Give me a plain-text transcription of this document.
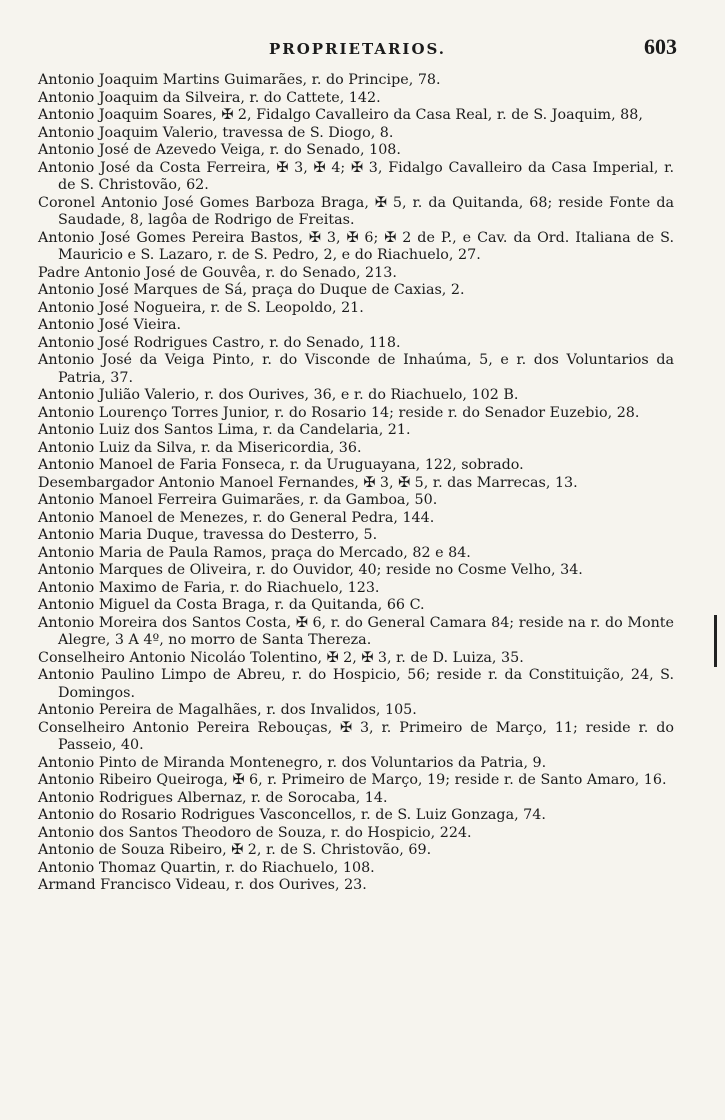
PROPRIETARIOS.	603
Antonio Joaquim Martins Guimarães, r. do Principe, 78.
Antonio Joaquim da Silveira, r. do Cattete, 142.
Antonio Joaquim Soares, ✠ 2, Fidalgo Cavalleiro da Casa Real, r. de S. Joaquim, 88,
Antonio Joaquim Valerio, travessa de S. Diogo, 8.
Antonio José de Azevedo Veiga, r. do Senado, 108.
Antonio José da Costa Ferreira, ✠ 3, ✠ 4; ✠ 3, Fidalgo Cavalleiro da Casa Imperial, r. de S. Christovão, 62.
Coronel Antonio José Gomes Barboza Braga, ✠ 5, r. da Quitanda, 68; reside Fonte da Saudade, 8, lagôa de Rodrigo de Freitas.
Antonio José Gomes Pereira Bastos, ✠ 3, ✠ 6; ✠ 2 de P., e Cav. da Ord. Italiana de S. Mauricio e S. Lazaro, r. de S. Pedro, 2, e do Riachuelo, 27.
Padre Antonio José de Gouvêa, r. do Senado, 213.
Antonio José Marques de Sá, praça do Duque de Caxias, 2.
Antonio José Nogueira, r. de S. Leopoldo, 21.
Antonio José Vieira.
Antonio José Rodrigues Castro, r. do Senado, 118.
Antonio José da Veiga Pinto, r. do Visconde de Inhaúma, 5, e r. dos Voluntarios da Patria, 37.
Antonio Julião Valerio, r. dos Ourives, 36, e r. do Riachuelo, 102 B.
Antonio Lourenço Torres Junior, r. do Rosario 14; reside r. do Senador Euzebio, 28.
Antonio Luiz dos Santos Lima, r. da Candelaria, 21.
Antonio Luiz da Silva, r. da Misericordia, 36.
Antonio Manoel de Faria Fonseca, r. da Uruguayana, 122, sobrado.
Desembargador Antonio Manoel Fernandes, ✠ 3, ✠ 5, r. das Marrecas, 13.
Antonio Manoel Ferreira Guimarães, r. da Gamboa, 50.
Antonio Manoel de Menezes, r. do General Pedra, 144.
Antonio Maria Duque, travessa do Desterro, 5.
Antonio Maria de Paula Ramos, praça do Mercado, 82 e 84.
Antonio Marques de Oliveira, r. do Ouvidor, 40; reside no Cosme Velho, 34.
Antonio Maximo de Faria, r. do Riachuelo, 123.
Antonio Miguel da Costa Braga, r. da Quitanda, 66 C.
Antonio Moreira dos Santos Costa, ✠ 6, r. do General Camara 84; reside na r. do Monte Alegre, 3 A 4º, no morro de Santa Thereza.
Conselheiro Antonio Nicoláo Tolentino, ✠ 2, ✠ 3, r. de D. Luiza, 35.
Antonio Paulino Limpo de Abreu, r. do Hospicio, 56; reside r. da Constituição, 24, S. Domingos.
Antonio Pereira de Magalhães, r. dos Invalidos, 105.
Conselheiro Antonio Pereira Rebouças, ✠ 3, r. Primeiro de Março, 11; reside r. do Passeio, 40.
Antonio Pinto de Miranda Montenegro, r. dos Voluntarios da Patria, 9.
Antonio Ribeiro Queiroga, ✠ 6, r. Primeiro de Março, 19; reside r. de Santo Amaro, 16.
Antonio Rodrigues Albernaz, r. de Sorocaba, 14.
Antonio do Rosario Rodrigues Vasconcellos, r. de S. Luiz Gonzaga, 74.
Antonio dos Santos Theodoro de Souza, r. do Hospicio, 224.
Antonio de Souza Ribeiro, ✠ 2, r. de S. Christovão, 69.
Antonio Thomaz Quartin, r. do Riachuelo, 108.
Armand Francisco Videau, r. dos Ourives, 23.
